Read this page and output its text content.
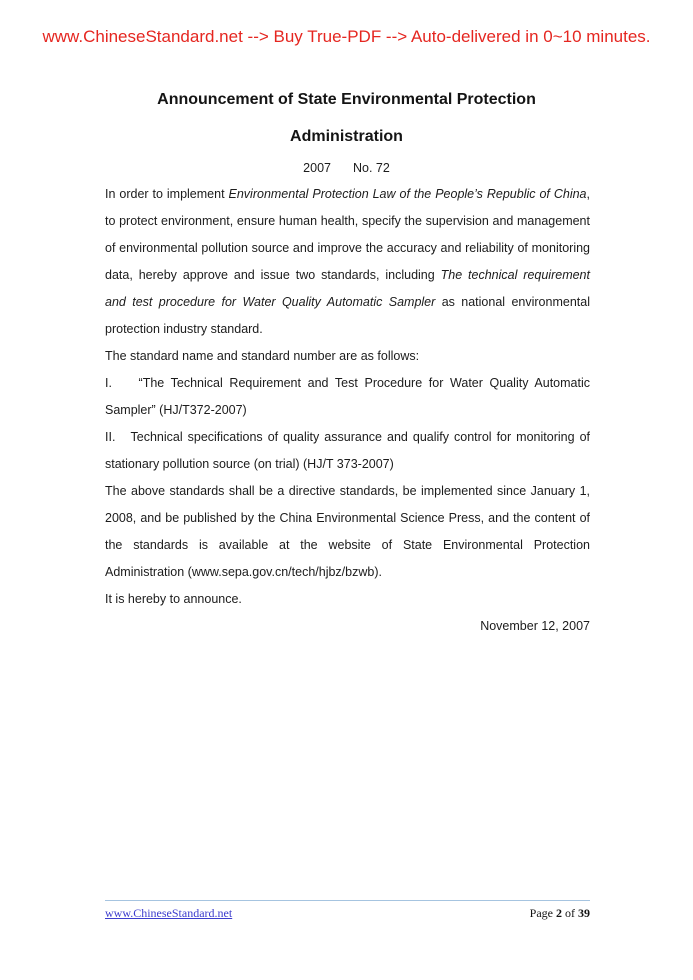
www.ChineseStandard.net --> Buy True-PDF --> Auto-delivered in 0~10 minutes.
Announcement of State Environmental Protection
Administration
2007 No. 72

In order to implement Environmental Protection Law of the People’s Republic of China, to protect environment, ensure human health, specify the supervision and management of environmental pollution source and improve the accuracy and reliability of monitoring data, hereby approve and issue two standards, including The technical requirement and test procedure for Water Quality Automatic Sampler as national environmental protection industry standard.

The standard name and standard number are as follows:

I.    “The Technical Requirement and Test Procedure for Water Quality Automatic Sampler” (HJ/T372-2007)

II.   Technical specifications of quality assurance and qualify control for monitoring of stationary pollution source (on trial) (HJ/T 373-2007)

The above standards shall be a directive standards, be implemented since January 1, 2008, and be published by the China Environmental Science Press, and the content of the standards is available at the website of State Environmental Protection Administration (www.sepa.gov.cn/tech/hjbz/bzwb).

It is hereby to announce.

November 12, 2007

www.ChineseStandard.net	Page 2 of 39
